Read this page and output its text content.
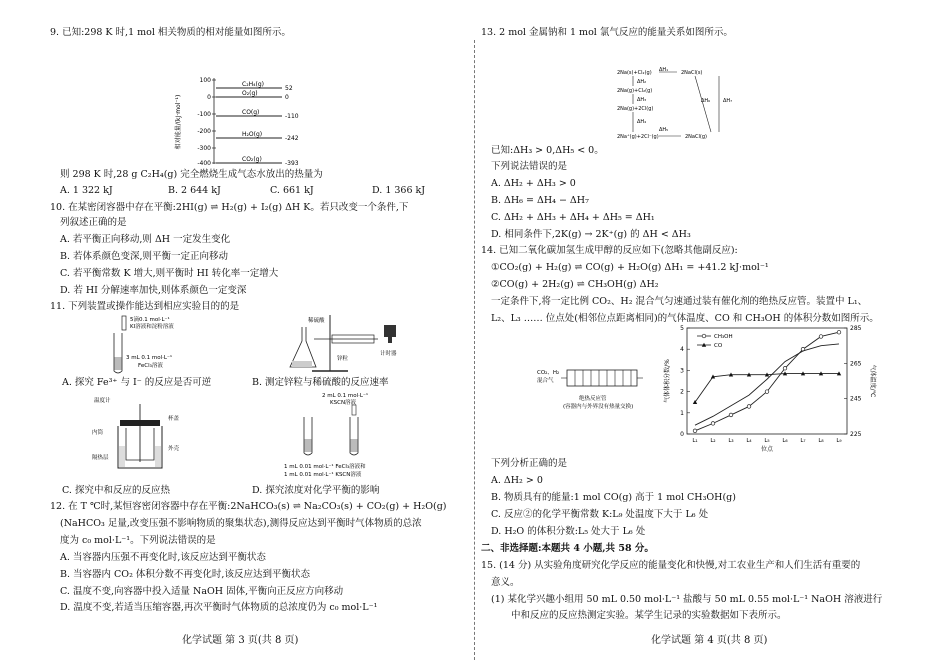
9. 已知:298 K 时,1 mol 相关物质的相对能量如图所示。
相对能量/(kJ·mol⁻¹)
100
0
-100
-200
-300
-400
C₂H₄(g)
52
O₂(g)
0
CO(g)
-110
H₂O(g)
-242
CO₂(g)
-393
则 298 K 时,28 g C₂H₄(g) 完全燃烧生成气态水放出的热量为
A. 1 322 kJ	B. 2 644 kJ	C. 661 kJ	D. 1 366 kJ
10. 在某密闭容器中存在平衡:2HI(g) ⇌ H₂(g) + I₂(g) ΔH K。若只改变一个条件,下
列叙述正确的是
A. 若平衡正向移动,则 ΔH 一定发生变化
B. 若体系颜色变深,则平衡一定正向移动
C. 若平衡常数 K 增大,则平衡时 HI 转化率一定增大
D. 若 HI 分解速率加快,则体系颜色一定变深
11. 下列装置或操作能达到相应实验目的的是
5滴0.1 mol·L⁻¹
KI溶液和淀粉溶液
3 mL 0.1 mol·L⁻¹
FeCl₃溶液
稀硫酸
锌粒
计时器
A. 探究 Fe³⁺ 与 I⁻ 的反应是否可逆	B. 测定锌粒与稀硫酸的反应速率
温度计
杯盖
内筒
外壳
隔热层
2 mL 0.1 mol·L⁻¹
KSCN溶液
1 mL 0.01 mol·L⁻¹ FeCl₃溶液和
1 mL 0.01 mol·L⁻¹ KSCN溶液
C. 探究中和反应的反应热	D. 探究浓度对化学平衡的影响
12. 在 T ℃时,某恒容密闭容器中存在平衡:2NaHCO₃(s) ⇌ Na₂CO₃(s) + CO₂(g) + H₂O(g)
(NaHCO₃ 足量,改变压强不影响物质的聚集状态),测得反应达到平衡时气体物质的总浓
度为 c₀ mol·L⁻¹。下列说法错误的是
A. 当容器内压强不再变化时,该反应达到平衡状态
B. 当容器内 CO₂ 体积分数不再变化时,该反应达到平衡状态
C. 温度不变,向容器中投入适量 NaOH 固体,平衡向正反应方向移动
D. 温度不变,若适当压缩容器,再次平衡时气体物质的总浓度仍为 c₀ mol·L⁻¹
化学试题 第 3 页(共 8 页)
13. 2 mol 金属钠和 1 mol 氯气反应的能量关系如图所示。
2Na(s)+Cl₂(g)	2NaCl(s)
2Na(g)+Cl₂(g)
2Na(g)+2Cl(g)
2Na⁺(g)+2Cl⁻(g)	2NaCl(g)
ΔH₁
ΔH₂
ΔH₃
ΔH₄
ΔH₅
ΔH₆	ΔH₇
已知:ΔH₃ > 0,ΔH₅ < 0。
下列说法错误的是
A. ΔH₂ + ΔH₃ > 0
B. ΔH₆ = ΔH₄ − ΔH₇
C. ΔH₂ + ΔH₃ + ΔH₄ + ΔH₅ = ΔH₁
D. 相同条件下,2K(g) → 2K⁺(g) 的 ΔH < ΔH₃
14. 已知二氧化碳加氢生成甲醇的反应如下(忽略其他副反应):
①CO₂(g) + H₂(g) ⇌ CO(g) + H₂O(g) ΔH₁ = +41.2 kJ·mol⁻¹
②CO(g) + 2H₂(g) ⇌ CH₃OH(g) ΔH₂
一定条件下,将一定比例 CO₂、H₂ 混合气匀速通过装有催化剂的绝热反应管。装置中 L₁、
L₂、L₃ …… 位点处(相邻位点距离相同)的气体温度、CO 和 CH₃OH 的体积分数如图所示。
CO₂、H₂
混合气
绝热反应管
(容器内与外界没有热量交换)
0
1
2
3
4
5
225
245
265
285
L₁ L₂ L₃ L₄ L₅ L₆ L₇ L₈ L₉
位点
气体体积分数/%	气体温度/℃
CH₃OH
CO
下列分析正确的是
A. ΔH₂ > 0
B. 物质具有的能量:1 mol CO(g) 高于 1 mol CH₃OH(g)
C. 反应②的化学平衡常数 K:L₉ 处温度下大于 L₆ 处
D. H₂O 的体积分数:L₅ 处大于 L₆ 处
二、非选择题:本题共 4 小题,共 58 分。
15. (14 分) 从实验角度研究化学反应的能量变化和快慢,对工农业生产和人们生活有重要的
意义。
(1) 某化学兴趣小组用 50 mL 0.50 mol·L⁻¹ 盐酸与 50 mL 0.55 mol·L⁻¹ NaOH 溶液进行
中和反应的反应热测定实验。某学生记录的实验数据如下表所示。
化学试题 第 4 页(共 8 页)
